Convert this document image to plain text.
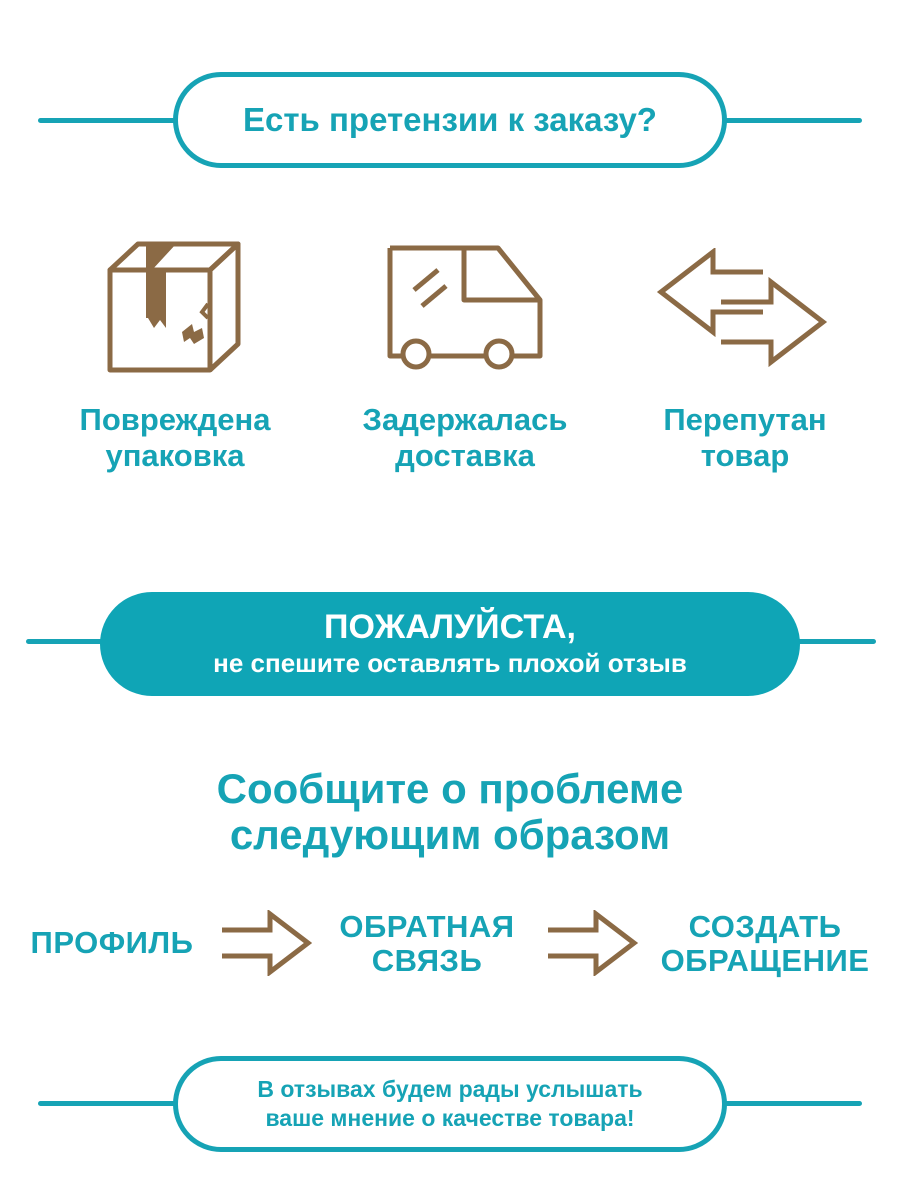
Есть претензии к заказу?
Повреждена
упаковка
Задержалась
доставка
Перепутан
товар
ПОЖАЛУЙСТА,
не спешите оставлять плохой отзыв
Сообщите о проблеме
следующим образом
ПРОФИЛЬ	ОБРАТНАЯ
СВЯЗЬ
СОЗДАТЬ
ОБРАЩЕНИЕ
В отзывах будем рады услышать
ваше мнение о качестве товара!
